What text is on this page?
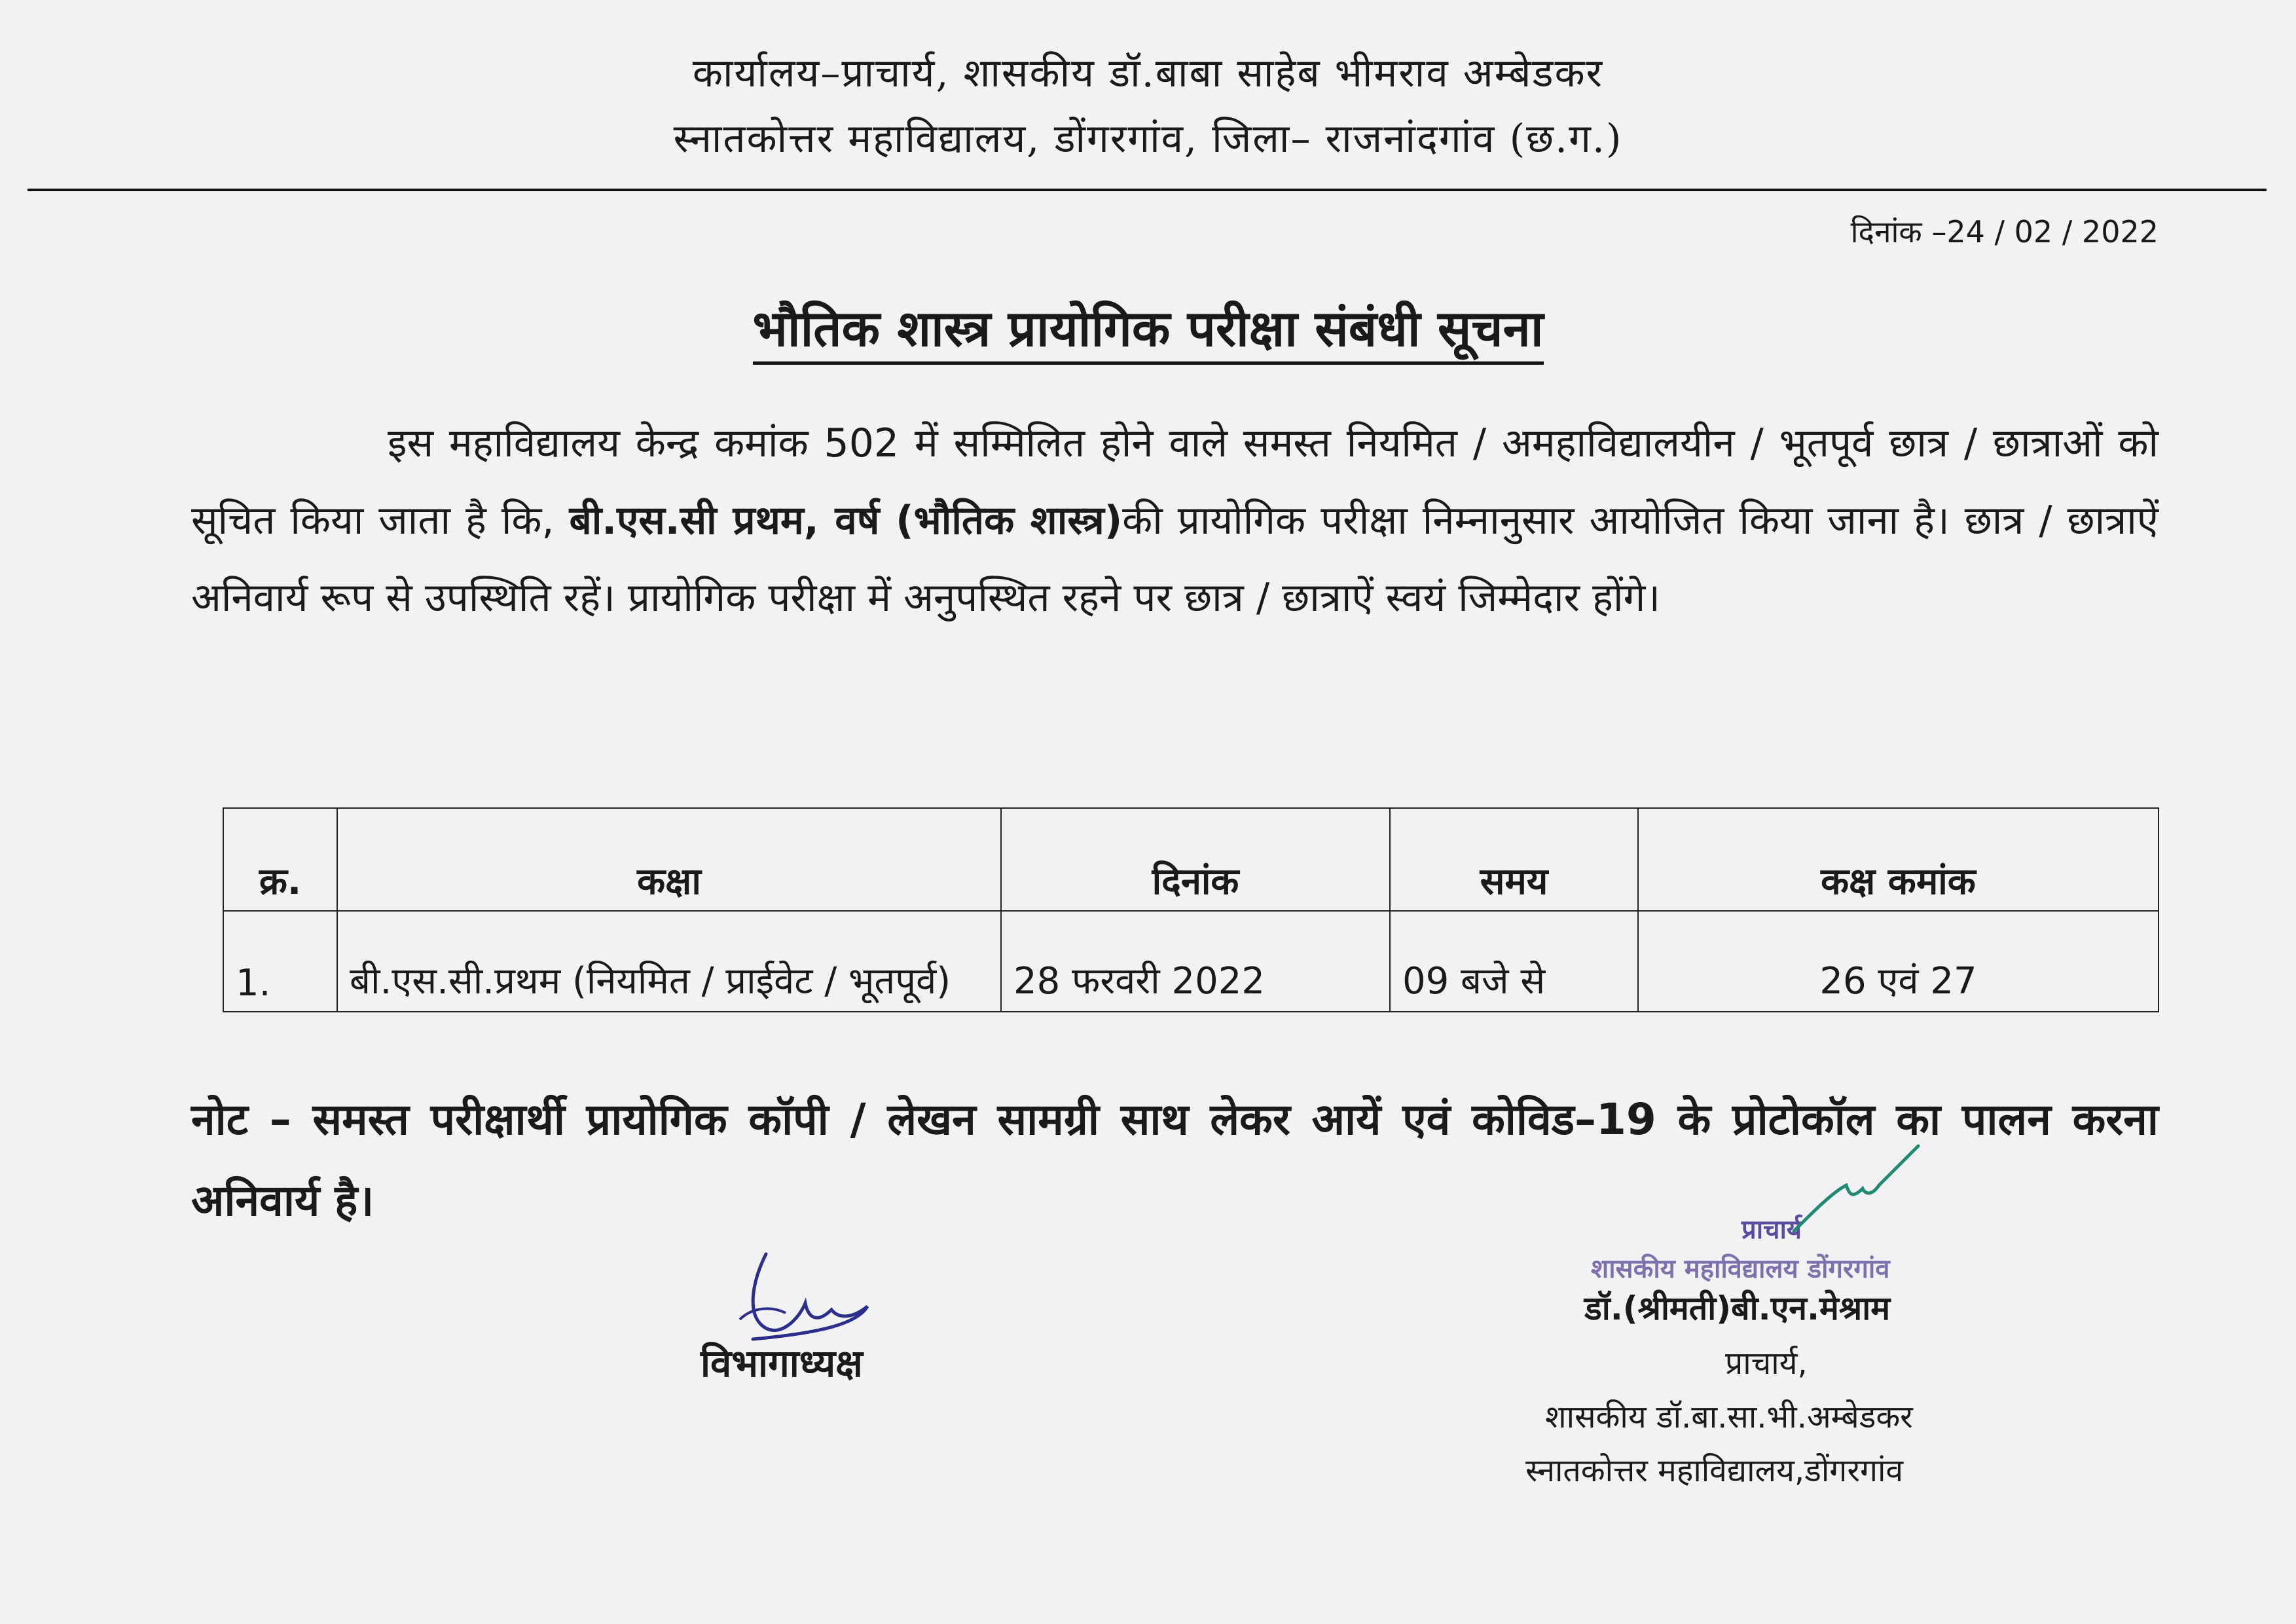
कार्यालय–प्राचार्य, शासकीय डॉ.बाबा साहेब भीमराव अम्बेडकर
स्नातकोत्तर महाविद्यालय, डोंगरगांव, जिला– राजनांदगांव (छ.ग.)
दिनांक –24 / 02 / 2022
भौतिक शास्त्र प्रायोगिक परीक्षा संबंधी सूचना
इस महाविद्यालय केन्द्र कमांक 502 में सम्मिलित होने वाले समस्त नियमित / अमहाविद्यालयीन / भूतपूर्व छात्र / छात्राओं को सूचित किया जाता है कि, बी.एस.सी प्रथम, वर्ष (भौतिक शास्त्र)की प्रायोगिक परीक्षा निम्नानुसार आयोजित किया जाना है। छात्र / छात्राऐं अनिवार्य रूप से उपस्थिति रहें। प्रायोगिक परीक्षा में अनुपस्थित रहने पर छात्र / छात्राऐं स्वयं जिम्मेदार होंगे।
क्र.	कक्षा	दिनांक	समय	कक्ष कमांक
1.	बी.एस.सी.प्रथम (नियमित / प्राईवेट / भूतपूर्व)	28 फरवरी 2022	09 बजे से	26 एवं 27
नोट – समस्त परीक्षार्थी प्रायोगिक कॉपी / लेखन सामग्री साथ लेकर आयें एवं कोविड–19 के प्रोटोकॉल का पालन करना अनिवार्य है।
विभागाध्यक्ष
प्राचार्य
शासकीय महाविद्यालय डोंगरगांव
डॉ.(श्रीमती)बी.एन.मेश्राम
प्राचार्य,
शासकीय डॉ.बा.सा.भी.अम्बेडकर
स्नातकोत्तर महाविद्यालय,डोंगरगांव
